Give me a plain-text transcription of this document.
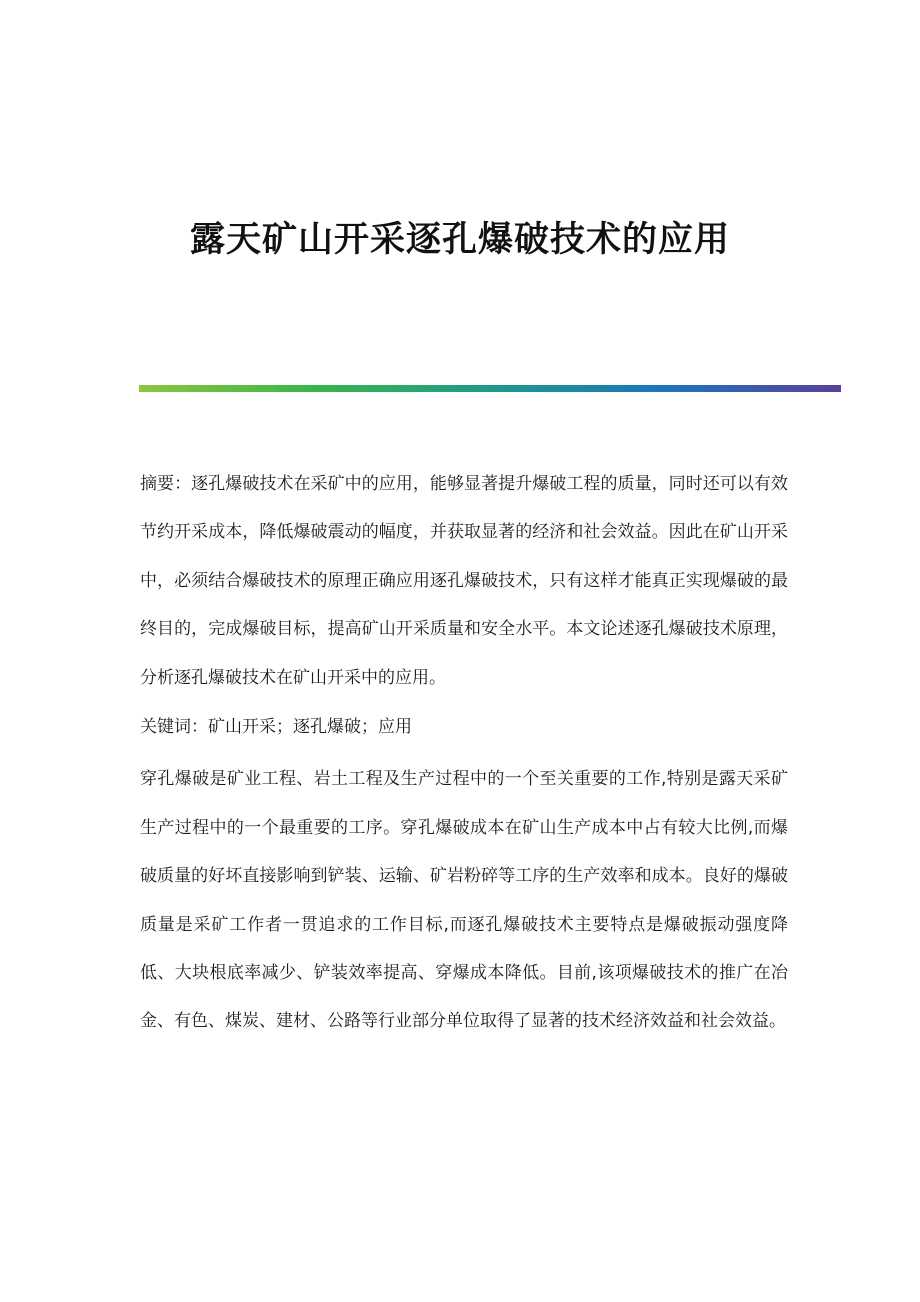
露天矿山开采逐孔爆破技术的应用

摘要：逐孔爆破技术在采矿中的应用，能够显著提升爆破工程的质量，同时还可以有效节约开采成本，降低爆破震动的幅度，并获取显著的经济和社会效益。因此在矿山开采中，必须结合爆破技术的原理正确应用逐孔爆破技术，只有这样才能真正实现爆破的最终目的，完成爆破目标，提高矿山开采质量和安全水平。本文论述逐孔爆破技术原理，分析逐孔爆破技术在矿山开采中的应用。

关键词：矿山开采；逐孔爆破；应用

穿孔爆破是矿业工程、岩土工程及生产过程中的一个至关重要的工作,特别是露天采矿生产过程中的一个最重要的工序。穿孔爆破成本在矿山生产成本中占有较大比例,而爆破质量的好坏直接影响到铲装、运输、矿岩粉碎等工序的生产效率和成本。良好的爆破质量是采矿工作者一贯追求的工作目标,而逐孔爆破技术主要特点是爆破振动强度降低、大块根底率减少、铲装效率提高、穿爆成本降低。目前,该项爆破技术的推广在冶金、有色、煤炭、建材、公路等行业部分单位取得了显著的技术经济效益和社会效益。
